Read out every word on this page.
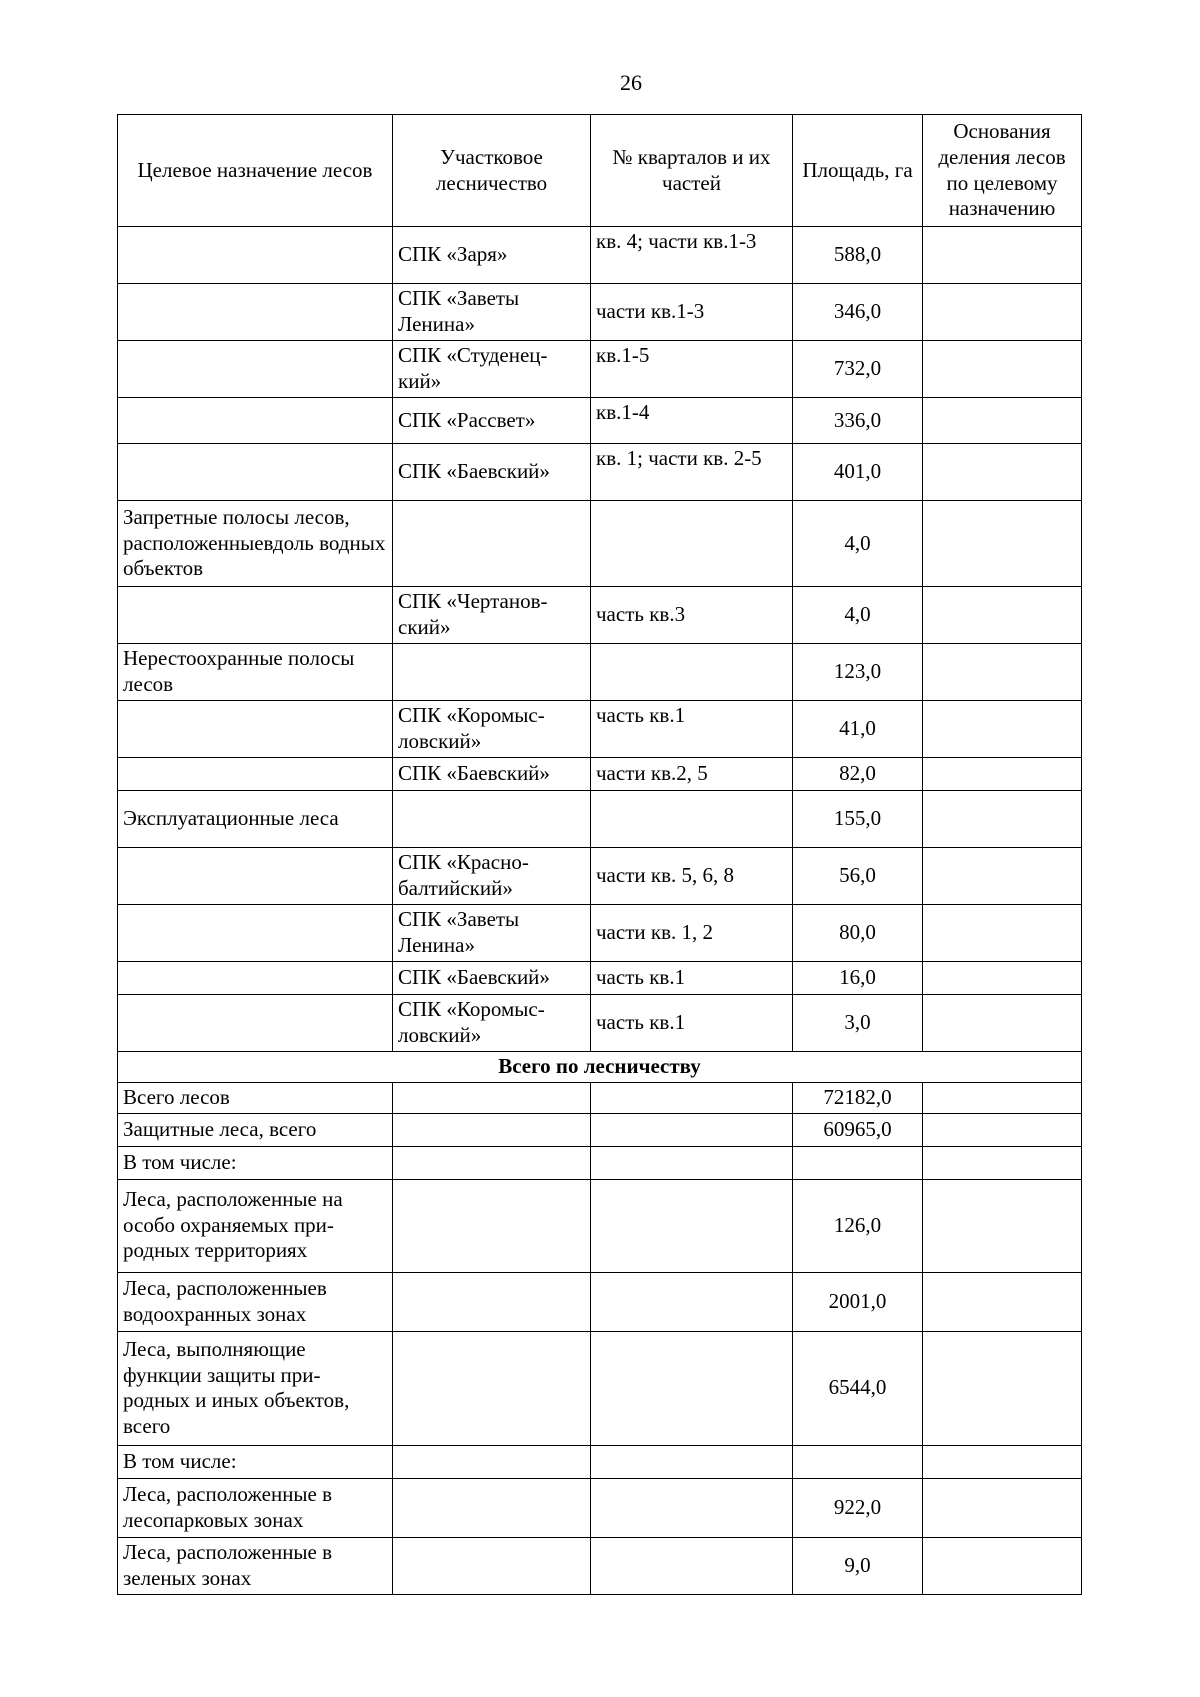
26
Целевое назначение лесов	Участковое лесничество	№ кварталов и их частей	Площадь, га	Основания деления лесов по целевому назначению
	СПК «Заря»	кв. 4; части кв.1-3	588,0	
	СПК «Заветы Ленина»	части кв.1-3	346,0	
	СПК «Студенец-кий»	кв.1-5	732,0	
	СПК «Рассвет»	кв.1-4	336,0	
	СПК «Баевский»	кв. 1; части кв. 2-5	401,0	
Запретные полосы лесов, расположенныевдоль водных объектов			4,0	
	СПК «Чертанов-ский»	часть кв.3	4,0	
Нерестоохранные полосы лесов			123,0	
	СПК «Коромыс-ловский»	часть кв.1	41,0	
	СПК «Баевский»	части кв.2, 5	82,0	
Эксплуатационные леса			155,0	
	СПК «Красно-балтийский»	части кв. 5, 6, 8	56,0	
	СПК «Заветы Ленина»	части кв. 1, 2	80,0	
	СПК «Баевский»	часть кв.1	16,0	
	СПК «Коромыс-ловский»	часть кв.1	3,0	
Всего по лесничеству				
Всего лесов			72182,0	
Защитные леса, всего			60965,0	
В том числе:				
Леса, расположенные на особо охраняемых при-родных территориях			126,0	
Леса, расположенныев водоохранных зонах			2001,0	
Леса, выполняющие функции защиты при-родных и иных объектов, всего			6544,0	
В том числе:				
Леса, расположенные в лесопарковых зонах			922,0	
Леса, расположенные в зеленых зонах			9,0	
